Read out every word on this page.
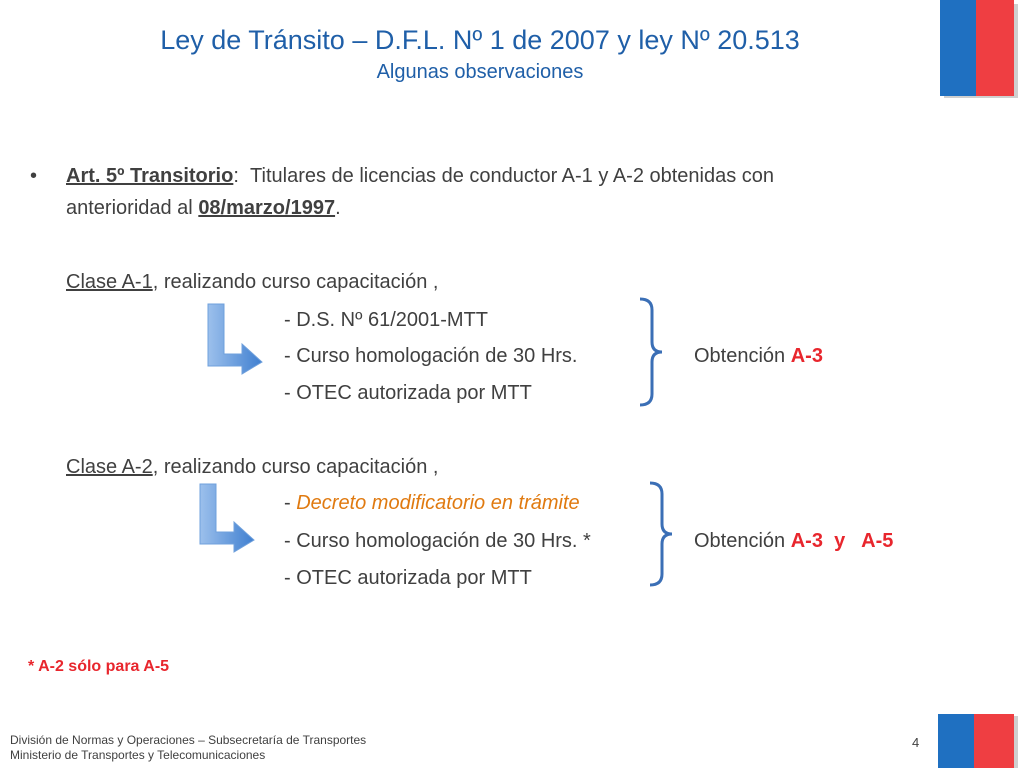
Ley de Tránsito – D.F.L. Nº 1 de 2007 y ley Nº 20.513
Algunas observaciones
• Art. 5º Transitorio: Titulares de licencias de conductor A-1 y A-2 obtenidas con
anterioridad al 08/marzo/1997.
Clase A-1, realizando curso capacitación ,
- D.S. Nº 61/2001-MTT
- Curso homologación de 30 Hrs.
- OTEC autorizada por MTT
Obtención A-3
Clase A-2, realizando curso capacitación ,
- Decreto modificatorio en trámite
- Curso homologación de 30 Hrs. *
- OTEC autorizada por MTT
Obtención A-3  y   A-5
* A-2 sólo para A-5
División de Normas y Operaciones – Subsecretaría de Transportes
Ministerio de Transportes y Telecomunicaciones
4
